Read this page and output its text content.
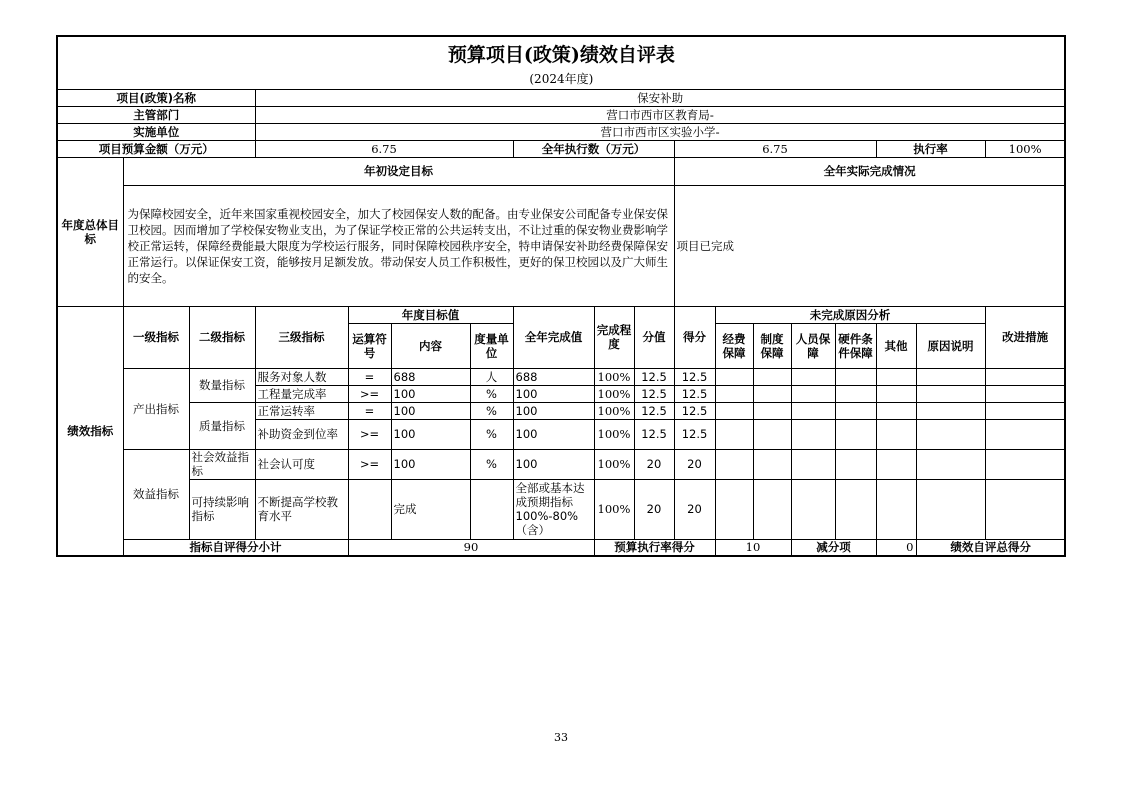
预算项目(政策)绩效自评表																		
(2024年度)																		
项目(政策)名称			保安补助															
主管部门			营口市西市区教育局-															
实施单位			营口市西市区实验小学-															
项目预算金额（万元）			6.75				全年执行数（万元）			6.75					执行率		100%	
年度总体目标	年初设定目标									全年实际完成情况								
	为保障校园安全，近年来国家重视校园安全，加大了校园保安人数的配备。由专业保安公司配备专业保安保卫校园。因而增加了学校保安物业支出，为了保证学校正常的公共运转支出，不让过重的保安物业费影响学校正常运转，保障经费能最大限度为学校运行服务，同时保障校园秩序安全，特申请保安补助经费保障保安正常运行。以保证保安工资，能够按月足额发放。带动保安人员工作积极性，更好的保卫校园以及广大师生的安全。									项目已完成								
绩效指标	一级指标	二级指标	三级指标	年度目标值			全年完成值	完成程度	分值	得分	未完成原因分析						改进措施	
				运算符号	内容	度量单位					经费保障	制度保障	人员保障	硬件条件保障	其他	原因说明		
	产出指标	数量指标	服务对象人数	=	688	人	688	100%	12.5	12.5								
			工程量完成率	>=	100	%	100	100%	12.5	12.5								
		质量指标	正常运转率	=	100	%	100	100%	12.5	12.5								
			补助资金到位率	>=	100	%	100	100%	12.5	12.5								
	效益指标	社会效益指标	社会认可度	>=	100	%	100	100%	20	20								
		可持续影响指标	不断提高学校教育水平		完成		全部或基本达成预期指标100%-80%（含）	100%	20	20								
	指标自评得分小计			90				预算执行率得分			10		减分项		0	绩效自评总得分	
33
